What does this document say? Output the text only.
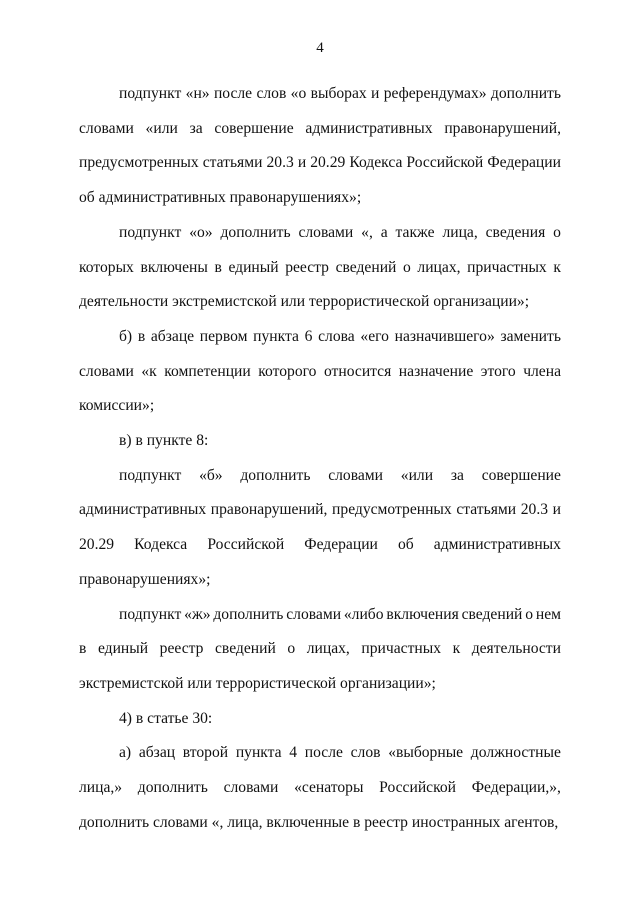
4
подпункт «н» после слов «о выборах и референдумах» дополнить
словами «или за совершение административных правонарушений,
предусмотренных статьями 20.3 и 20.29 Кодекса Российской Федерации
об административных правонарушениях»;
подпункт «о» дополнить словами «, а также лица, сведения о
которых включены в единый реестр сведений о лицах, причастных к
деятельности экстремистской или террористической организации»;
б) в абзаце первом пункта 6 слова «его назначившего» заменить
словами «к компетенции которого относится назначение этого члена
комиссии»;
в) в пункте 8:
подпункт «б» дополнить словами «или за совершение
административных правонарушений, предусмотренных статьями 20.3 и
20.29 Кодекса Российской Федерации об административных
правонарушениях»;
подпункт «ж» дополнить словами «либо включения сведений о нем
в единый реестр сведений о лицах, причастных к деятельности
экстремистской или террористической организации»;
4) в статье 30:
а) абзац второй пункта 4 после слов «выборные должностные
лица,» дополнить словами «сенаторы Российской Федерации,»,
дополнить словами «, лица, включенные в реестр иностранных агентов,
